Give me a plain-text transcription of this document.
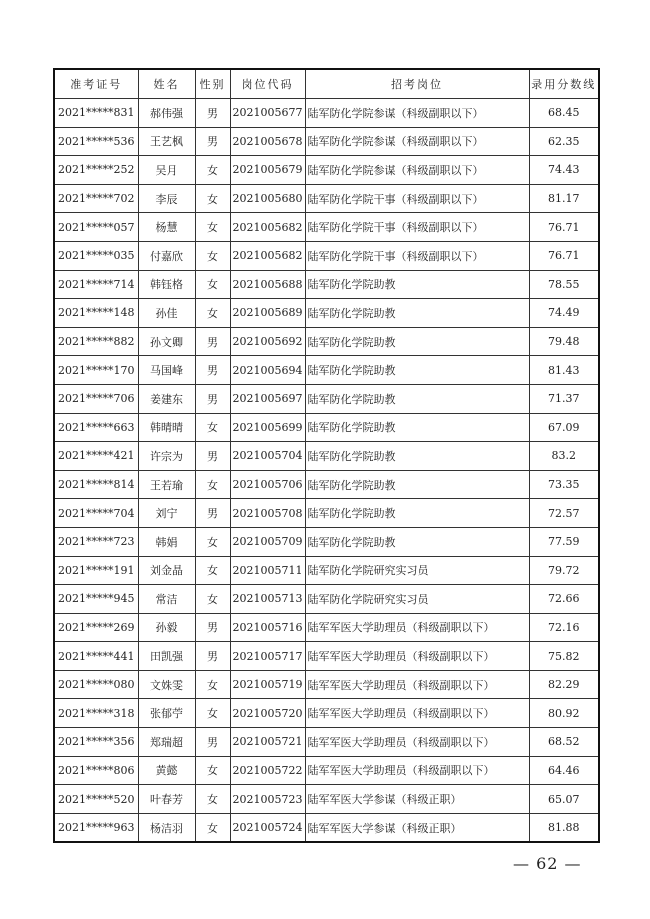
准考证号	姓名	性别	岗位代码	招考岗位	录用分数线
2021*****831	郝伟强	男	2021005677	陆军防化学院参谋（科级副职以下）	68.45
2021*****536	王艺枫	男	2021005678	陆军防化学院参谋（科级副职以下）	62.35
2021*****252	吴月	女	2021005679	陆军防化学院参谋（科级副职以下）	74.43
2021*****702	李辰	女	2021005680	陆军防化学院干事（科级副职以下）	81.17
2021*****057	杨慧	女	2021005682	陆军防化学院干事（科级副职以下）	76.71
2021*****035	付嘉欣	女	2021005682	陆军防化学院干事（科级副职以下）	76.71
2021*****714	韩钰格	女	2021005688	陆军防化学院助教	78.55
2021*****148	孙佳	女	2021005689	陆军防化学院助教	74.49
2021*****882	孙文卿	男	2021005692	陆军防化学院助教	79.48
2021*****170	马国峰	男	2021005694	陆军防化学院助教	81.43
2021*****706	姜建东	男	2021005697	陆军防化学院助教	71.37
2021*****663	韩晴晴	女	2021005699	陆军防化学院助教	67.09
2021*****421	许宗为	男	2021005704	陆军防化学院助教	83.2
2021*****814	王若瑜	女	2021005706	陆军防化学院助教	73.35
2021*****704	刘宁	男	2021005708	陆军防化学院助教	72.57
2021*****723	韩娟	女	2021005709	陆军防化学院助教	77.59
2021*****191	刘金晶	女	2021005711	陆军防化学院研究实习员	79.72
2021*****945	常洁	女	2021005713	陆军防化学院研究实习员	72.66
2021*****269	孙毅	男	2021005716	陆军军医大学助理员（科级副职以下）	72.16
2021*****441	田凯强	男	2021005717	陆军军医大学助理员（科级副职以下）	75.82
2021*****080	文姝雯	女	2021005719	陆军军医大学助理员（科级副职以下）	82.29
2021*****318	张郁苧	女	2021005720	陆军军医大学助理员（科级副职以下）	80.92
2021*****356	郑瑞超	男	2021005721	陆军军医大学助理员（科级副职以下）	68.52
2021*****806	黄懿	女	2021005722	陆军军医大学助理员（科级副职以下）	64.46
2021*****520	叶春芳	女	2021005723	陆军军医大学参谋（科级正职）	65.07
2021*****963	杨洁羽	女	2021005724	陆军军医大学参谋（科级正职）	81.88
— 62 —
